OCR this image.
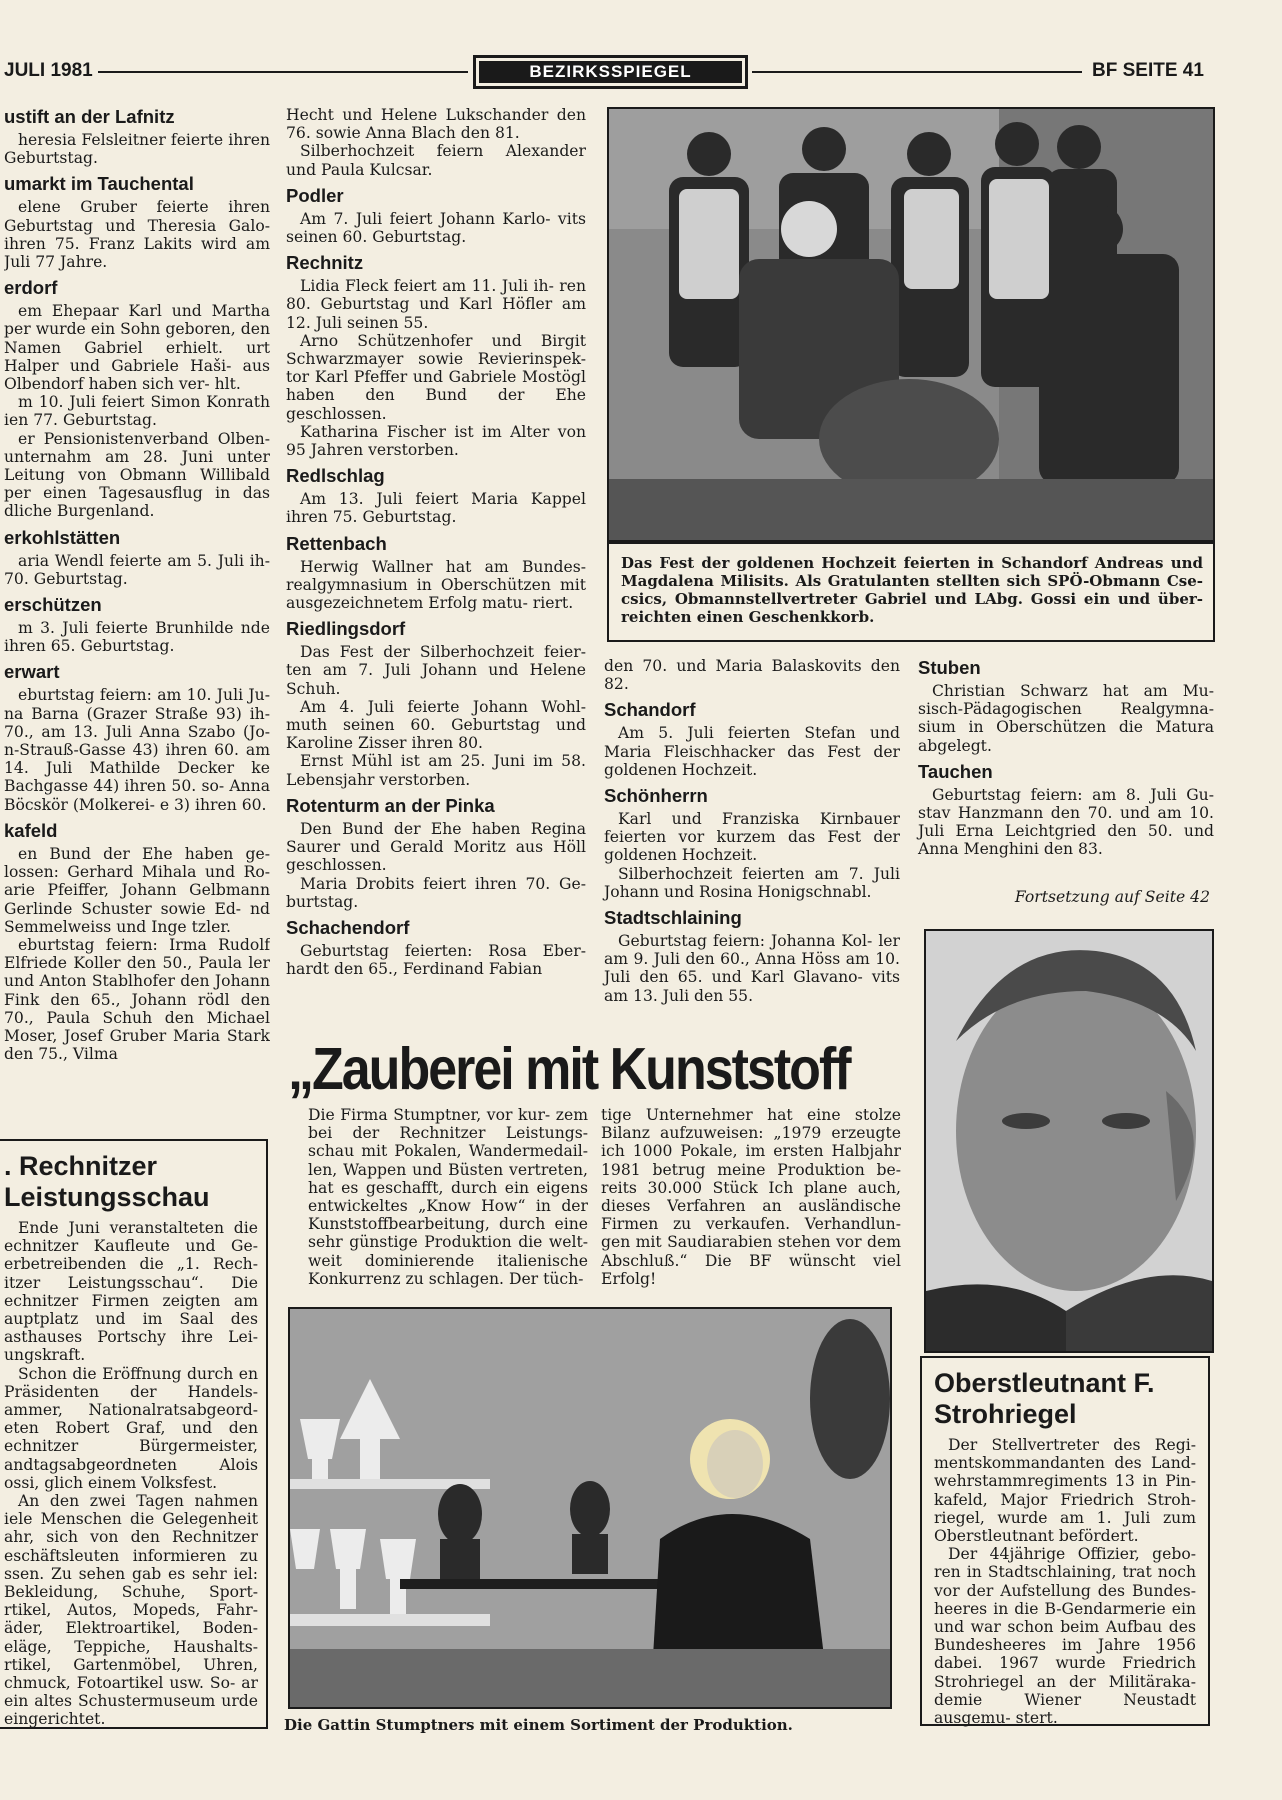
JULI 1981	BEZIRKSSPIEGEL	BF SEITE 41
ustift an der Lafnitz

heresia Felsleitner feierte ihren Geburtstag.

umarkt im Tauchental

elene Gruber feierte ihren Geburtstag und Theresia Galo- ihren 75. Franz Lakits wird am Juli 77 Jahre.

erdorf

em Ehepaar Karl und Martha per wurde ein Sohn geboren, den Namen Gabriel erhielt. urt Halper und Gabriele Haši- aus Olbendorf haben sich ver- hlt.

m 10. Juli feiert Simon Konrath ien 77. Geburtstag.

er Pensionistenverband Olben- unternahm am 28. Juni unter Leitung von Obmann Willibald per einen Tagesausflug in das dliche Burgenland.

erkohlstätten

aria Wendl feierte am 5. Juli ih- 70. Geburtstag.

erschützen

m 3. Juli feierte Brunhilde nde ihren 65. Geburtstag.

erwart

eburtstag feiern: am 10. Juli Ju- na Barna (Grazer Straße 93) ih- 70., am 13. Juli Anna Szabo (Jo- n-Strauß-Gasse 43) ihren 60. am 14. Juli Mathilde Decker ke Bachgasse 44) ihren 50. so- Anna Böcskör (Molkerei- e 3) ihren 60.

kafeld

en Bund der Ehe haben ge- lossen: Gerhard Mihala und Ro- arie Pfeiffer, Johann Gelbmann Gerlinde Schuster sowie Ed- nd Semmelweiss und Inge tzler.

eburtstag feiern: Irma Rudolf Elfriede Koller den 50., Paula ler und Anton Stablhofer den Johann Fink den 65., Johann rödl den 70., Paula Schuh den Michael Moser, Josef Gruber Maria Stark den 75., Vilma

Hecht und Helene Lukschander den 76. sowie Anna Blach den 81.

Silberhochzeit feiern Alexander und Paula Kulcsar.

Podler

Am 7. Juli feiert Johann Karlo- vits seinen 60. Geburtstag.

Rechnitz

Lidia Fleck feiert am 11. Juli ih- ren 80. Geburtstag und Karl Höfler am 12. Juli seinen 55.

Arno Schützenhofer und Birgit Schwarzmayer sowie Revierinspek- tor Karl Pfeffer und Gabriele Mostögl haben den Bund der Ehe geschlossen.

Katharina Fischer ist im Alter von 95 Jahren verstorben.

Redlschlag

Am 13. Juli feiert Maria Kappel ihren 75. Geburtstag.

Rettenbach

Herwig Wallner hat am Bundes- realgymnasium in Oberschützen mit ausgezeichnetem Erfolg matu- riert.

Riedlingsdorf

Das Fest der Silberhochzeit feier- ten am 7. Juli Johann und Helene Schuh.

Am 4. Juli feierte Johann Wohl- muth seinen 60. Geburtstag und Karoline Zisser ihren 80.

Ernst Mühl ist am 25. Juni im 58. Lebensjahr verstorben.

Rotenturm an der Pinka

Den Bund der Ehe haben Regina Saurer und Gerald Moritz aus Höll geschlossen.

Maria Drobits feiert ihren 70. Ge- burtstag.

Schachendorf

Geburtstag feierten: Rosa Eber- hardt den 65., Ferdinand Fabian

Das Fest der goldenen Hochzeit feierten in Schandorf Andreas und Magdalena Milisits. Als Gratulanten stellten sich SPÖ-Obmann Cse- csics, Obmannstellvertreter Gabriel und LAbg. Gossi ein und über- reichten einen Geschenkkorb.

den 70. und Maria Balaskovits den 82.

Schandorf

Am 5. Juli feierten Stefan und Maria Fleischhacker das Fest der goldenen Hochzeit.

Schönherrn

Karl und Franziska Kirnbauer feierten vor kurzem das Fest der goldenen Hochzeit.

Silberhochzeit feierten am 7. Juli Johann und Rosina Honigschnabl.

Stadtschlaining

Geburtstag feiern: Johanna Kol- ler am 9. Juli den 60., Anna Höss am 10. Juli den 65. und Karl Glavano- vits am 13. Juli den 55.

Stuben

Christian Schwarz hat am Mu- sisch-Pädagogischen Realgymna- sium in Oberschützen die Matura abgelegt.

Tauchen

Geburtstag feiern: am 8. Juli Gu- stav Hanzmann den 70. und am 10. Juli Erna Leichtgried den 50. und Anna Menghini den 83.

Fortsetzung auf Seite 42
Oberstleutnant F. Strohriegel

Der Stellvertreter des Regi- mentskommandanten des Land- wehrstammregiments 13 in Pin- kafeld, Major Friedrich Stroh- riegel, wurde am 1. Juli zum Oberstleutnant befördert.

Der 44jährige Offizier, gebo- ren in Stadtschlaining, trat noch vor der Aufstellung des Bundes- heeres in die B-Gendarmerie ein und war schon beim Aufbau des Bundesheeres im Jahre 1956 dabei. 1967 wurde Friedrich Strohriegel an der Militäraka- demie Wiener Neustadt ausgemu- stert.

. Rechnitzer Leistungsschau

Ende Juni veranstalteten die echnitzer Kaufleute und Ge- erbetreibenden die „1. Rech- itzer Leistungsschau“. Die echnitzer Firmen zeigten am auptplatz und im Saal des asthauses Portschy ihre Lei- ungskraft.

Schon die Eröffnung durch en Präsidenten der Handels- ammer, Nationalratsabgeord- eten Robert Graf, und den echnitzer Bürgermeister, andtagsabgeordneten Alois ossi, glich einem Volksfest.

An den zwei Tagen nahmen iele Menschen die Gelegenheit ahr, sich von den Rechnitzer eschäftsleuten informieren zu ssen. Zu sehen gab es sehr iel: Bekleidung, Schuhe, Sport- rtikel, Autos, Mopeds, Fahr- äder, Elektroartikel, Boden- eläge, Teppiche, Haushalts- rtikel, Gartenmöbel, Uhren, chmuck, Fotoartikel usw. So- ar ein altes Schustermuseum urde eingerichtet.

„Zauberei mit Kunststoff

Die Firma Stumptner, vor kur- zem bei der Rechnitzer Leistungs- schau mit Pokalen, Wandermedail- len, Wappen und Büsten vertreten, hat es geschafft, durch ein eigens entwickeltes „Know How“ in der Kunststoffbearbeitung, durch eine sehr günstige Produktion die welt- weit dominierende italienische Konkurrenz zu schlagen. Der tüch-

tige Unternehmer hat eine stolze Bilanz aufzuweisen: „1979 erzeugte ich 1000 Pokale, im ersten Halbjahr 1981 betrug meine Produktion be- reits 30.000 Stück Ich plane auch, dieses Verfahren an ausländische Firmen zu verkaufen. Verhandlun- gen mit Saudiarabien stehen vor dem Abschluß.“ Die BF wünscht viel Erfolg!

Die Gattin Stumptners mit einem Sortiment der Produktion.
